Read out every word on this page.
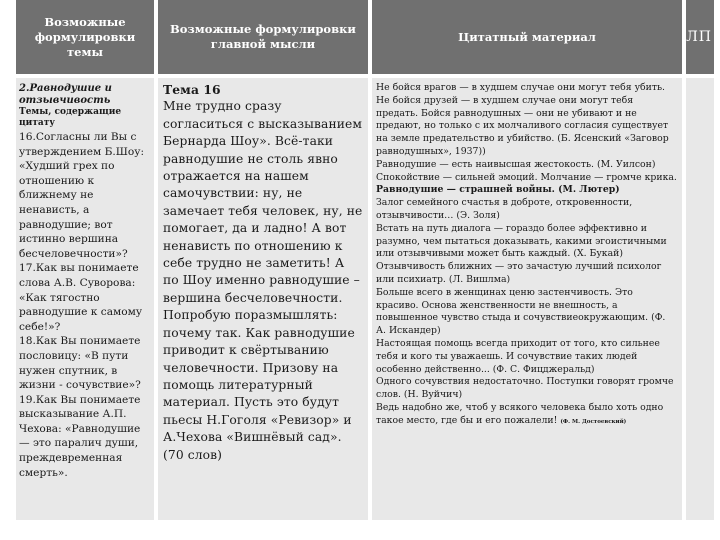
Возможные формулировки темы
Возможные формулировки главной мысли
Цитатный материал	ЛП

2.Равнодушие и отзывчивость

Темы, содержащие цитату

16.Согласны ли Вы с утверждением Б.Шоу: «Худший грех по отношению к ближнему не ненависть, а равнодушие; вот истинно вершина бесчеловечности»?

17.Как вы понимаете слова А.В. Суворова: «Как тягостно равнодушие к самому себе!»?

18.Как Вы понимаете пословицу: «В пути нужен спутник, в жизни - сочувствие»?

19.Как Вы понимаете высказывание А.П. Чехова: «Равнодушие — это паралич души, преждевременная смерть».

Тема 16

Мне трудно сразу согласиться с высказыванием Бернарда Шоу». Всё-таки равнодушие не столь явно отражается на нашем самочувствии: ну, не замечает тебя человек, ну, не помогает, да и ладно! А вот ненависть по отношению к себе трудно не заметить! А по Шоу именно равнодушие – вершина бесчеловечности. Попробую поразмышлять: почему так. Как равнодушие приводит к свёртыванию человечности. Призову на помощь литературный материал. Пусть это будут пьесы Н.Гоголя «Ревизор» и А.Чехова «Вишнёвый сад». (70 слов)

Не бойся врагов — в худшем случае они могут тебя убить. Не бойся друзей — в худшем случае они могут тебя предать. Бойся равнодушных — они не убивают и не предают, но только с их молчаливого согласия существует на земле предательство и убийство. (Б. Ясенский «Заговор равнодушных», 1937))

Равнодушие — есть наивысшая жестокость. (М. Уилсон)

Спокойствие — сильней эмоций. Молчание — громче крика. Равнодушие — страшней войны. (М. Лютер)

Залог семейного счастья в доброте, откровенности, отзывчивости… (Э. Золя)

Встать на путь диалога — гораздо более эффективно и разумно, чем пытаться доказывать, какими эгоистичными или отзывчивыми может быть каждый. (Х. Букай)

Отзывчивость ближних — это зачастую лучший психолог или психиатр. (Л. Вишлма)

Больше всего в женщинах ценю застенчивость. Это красиво. Основа женственности не внешность, а повышенное чувство стыда и сочувствиеокружающим. (Ф. А. Искандер)

Настоящая помощь всегда приходит от того, кто сильнее тебя и кого ты уважаешь. И сочувствие таких людей особенно действенно... (Ф. С. Фицджеральд)

Одного сочувствия недостаточно. Поступки говорят громче слов. (Н. Вуйчич)

Ведь надобно же, чтоб у всякого человека было хоть одно такое место, где бы и его пожалели! (Ф. М. Достоевский)
